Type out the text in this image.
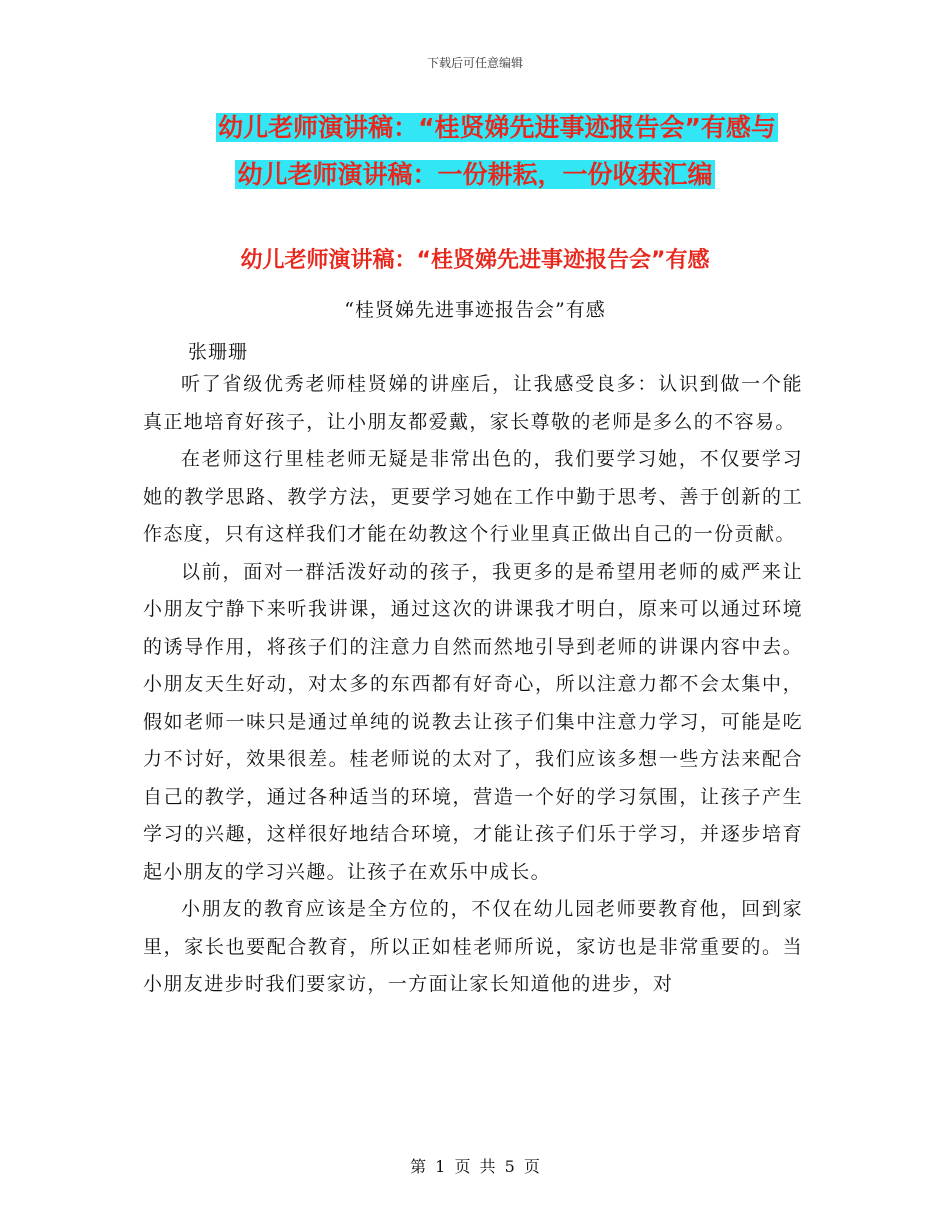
下载后可任意编辑
幼儿老师演讲稿：“桂贤娣先进事迹报告会”有感与
幼儿老师演讲稿：一份耕耘，一份收获汇编
幼儿老师演讲稿：“桂贤娣先进事迹报告会”有感
“桂贤娣先进事迹报告会”有感
张珊珊

听了省级优秀老师桂贤娣的讲座后，让我感受良多：认识到做一个能真正地培育好孩子，让小朋友都爱戴，家长尊敬的老师是多么的不容易。

在老师这行里桂老师无疑是非常出色的，我们要学习她，不仅要学习她的教学思路、教学方法，更要学习她在工作中勤于思考、善于创新的工作态度，只有这样我们才能在幼教这个行业里真正做出自己的一份贡献。

以前，面对一群活泼好动的孩子，我更多的是希望用老师的威严来让小朋友宁静下来听我讲课，通过这次的讲课我才明白，原来可以通过环境的诱导作用，将孩子们的注意力自然而然地引导到老师的讲课内容中去。小朋友天生好动，对太多的东西都有好奇心，所以注意力都不会太集中，假如老师一味只是通过单纯的说教去让孩子们集中注意力学习，可能是吃力不讨好，效果很差。桂老师说的太对了，我们应该多想一些方法来配合自己的教学，通过各种适当的环境，营造一个好的学习氛围，让孩子产生学习的兴趣，这样很好地结合环境，才能让孩子们乐于学习，并逐步培育起小朋友的学习兴趣。让孩子在欢乐中成长。

小朋友的教育应该是全方位的，不仅在幼儿园老师要教育他，回到家里，家长也要配合教育，所以正如桂老师所说，家访也是非常重要的。当小朋友进步时我们要家访，一方面让家长知道他的进步，对

第 1 页 共 5 页
